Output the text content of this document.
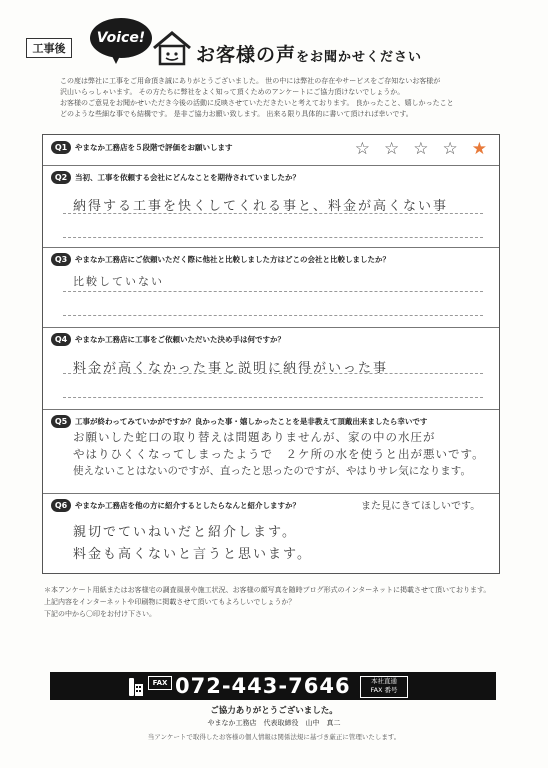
工事後
Voice!
お客様の声をお聞かせください
この度は弊社に工事をご用命頂き誠にありがとうございました。 世の中には弊社の存在やサービスをご存知ないお客様が
沢山いらっしゃいます。 その方たちに弊社をよく知って頂くためのアンケートにご協力頂けないでしょうか。
お客様のご意見をお聞かせいただき今後の活動に反映させていただきたいと考えております。 良かったこと、嬉しかったこと
どのような些細な事でも結構です。 是非ご協力お願い致します。 出来る限り具体的に書いて頂ければ幸いです。
Q1	やまなか工務店を５段階で評価をお願いします	☆ ☆ ☆ ☆ ★
Q2	当初、工事を依頼する会社にどんなことを期待されていましたか？
納得する工事を快くしてくれる事と、料金が高くない事
Q3	やまなか工務店にご依頼いただく際に他社と比較しました方はどこの会社と比較しましたか？
比較していない
Q4	やまなか工務店に工事をご依頼いただいた決め手は何ですか？
料金が高くなかった事と説明に納得がいった事
Q5	工事が終わってみていかがですか？良かった事・嬉しかったことを是非教えて頂戴出来ましたら幸いです
お願いした蛇口の取り替えは問題ありませんが、家の中の水圧が
やはりひくくなってしまったようで　２ケ所の水を使うと出が悪いです。
使えないことはないのですが、直ったと思ったのですが、やはりサレ気になります。
Q6	やまなか工務店を他の方に紹介するとしたらなんと紹介しますか？	また見にきてほしいです。
親切でていねいだと紹介します。
料金も高くないと言うと思います。
＊本アンケート用紙またはお客様宅の調査風景や施工状況、お客様の顔写真を随時ブログ形式のインターネットに掲載させて頂いております。
上記内容をインターネットや印刷物に掲載させて頂いてもよろしいでしょうか？
下記の中から〇印をお付け下さい。
FAX 072-443-7646	本社直通
FAX 番号
ご協力ありがとうございました。
やまなか工務店　代表取締役　山中　真二
当アンケートで取得したお客様の個人情報は関係法規に基づき厳正に管理いたします。
